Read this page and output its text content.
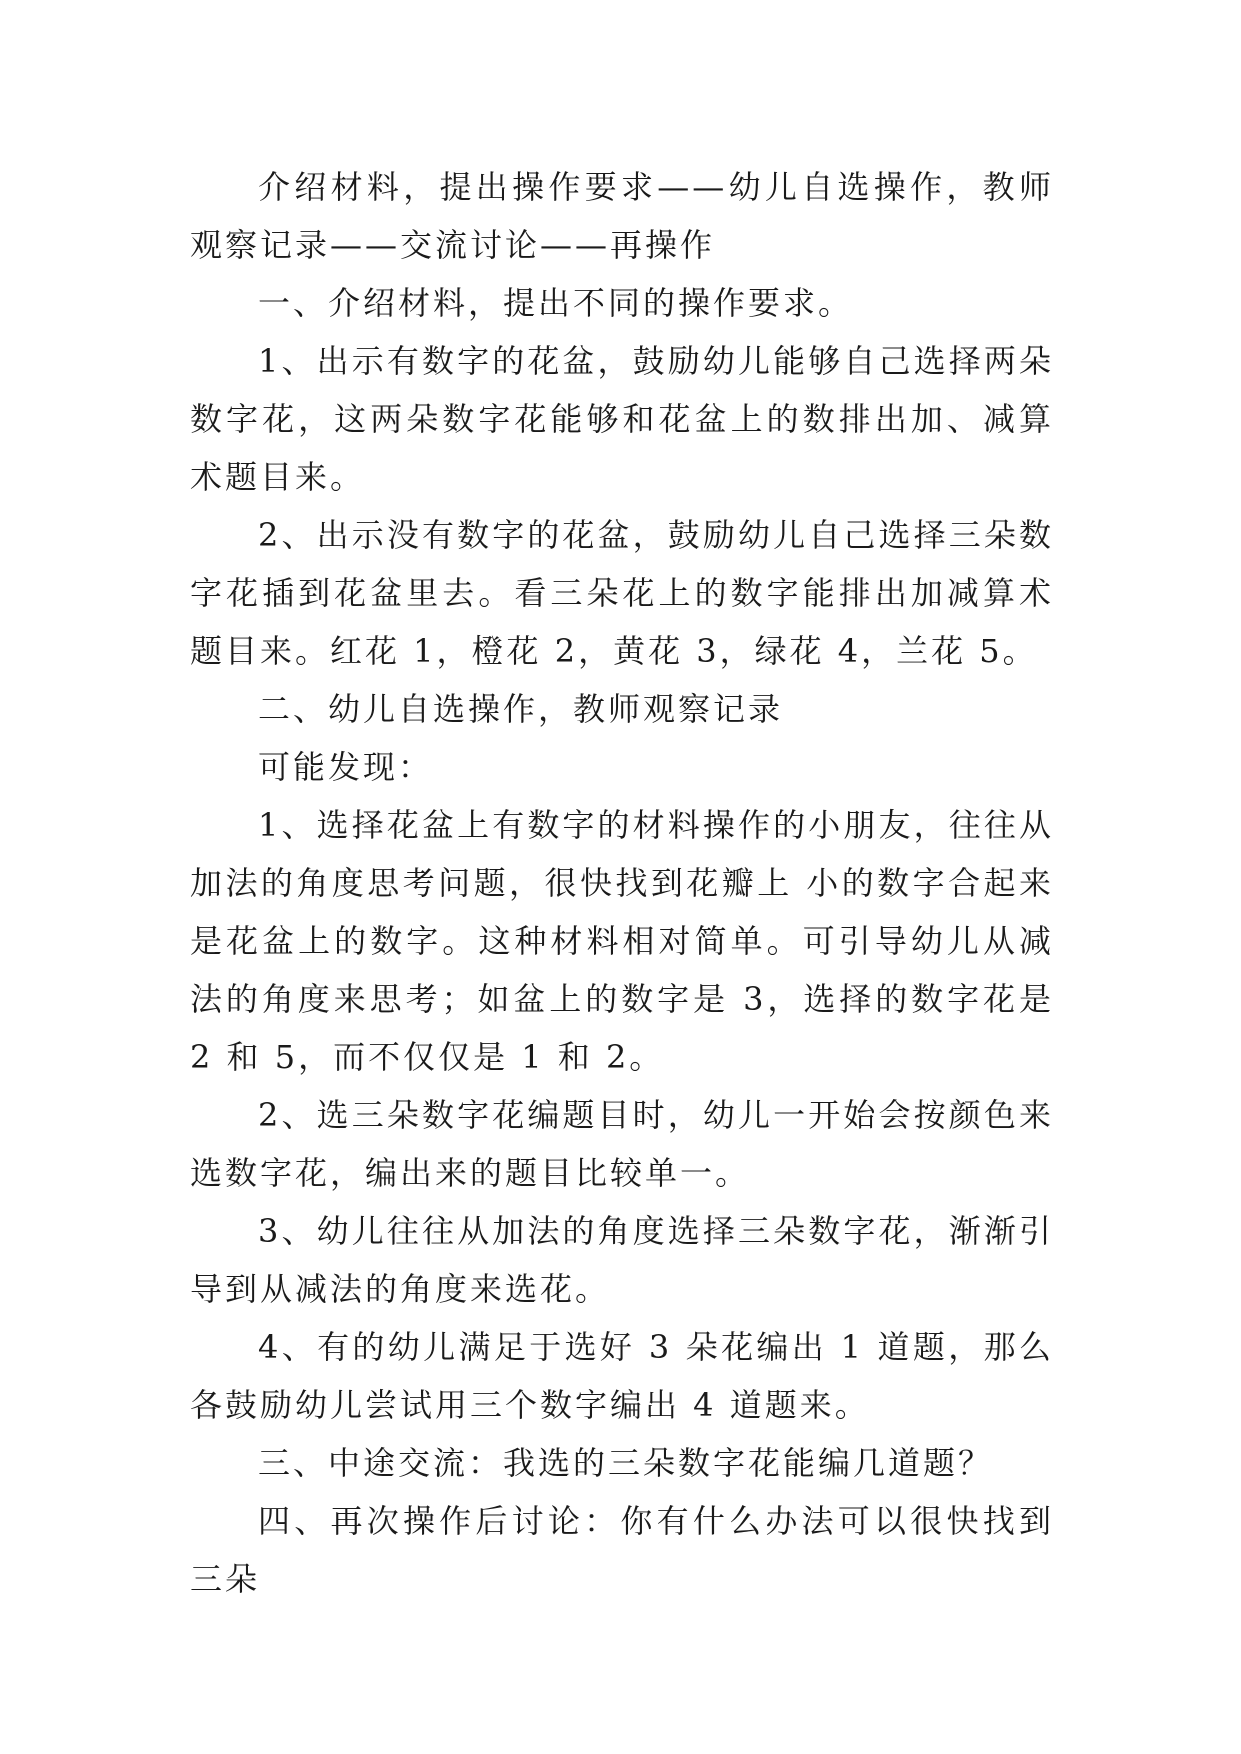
介绍材料，提出操作要求——幼儿自选操作，教师观察记录——交流讨论——再操作

一、介绍材料，提出不同的操作要求。

1、出示有数字的花盆，鼓励幼儿能够自己选择两朵数字花，这两朵数字花能够和花盆上的数排出加、减算术题目来。

2、出示没有数字的花盆，鼓励幼儿自己选择三朵数字花插到花盆里去。看三朵花上的数字能排出加减算术题目来。红花 1，橙花 2，黄花 3，绿花 4，兰花 5。

二、幼儿自选操作，教师观察记录

可能发现：

1、选择花盆上有数字的材料操作的小朋友，往往从加法的角度思考问题，很快找到花瓣上 小的数字合起来是花盆上的数字。这种材料相对简单。可引导幼儿从减法的角度来思考；如盆上的数字是 3，选择的数字花是 2 和 5，而不仅仅是 1 和 2。

2、选三朵数字花编题目时，幼儿一开始会按颜色来选数字花，编出来的题目比较单一。

3、幼儿往往从加法的角度选择三朵数字花，渐渐引导到从减法的角度来选花。

4、有的幼儿满足于选好 3 朵花编出 1 道题，那么各鼓励幼儿尝试用三个数字编出 4 道题来。

三、中途交流：我选的三朵数字花能编几道题？

四、再次操作后讨论：你有什么办法可以很快找到三朵
